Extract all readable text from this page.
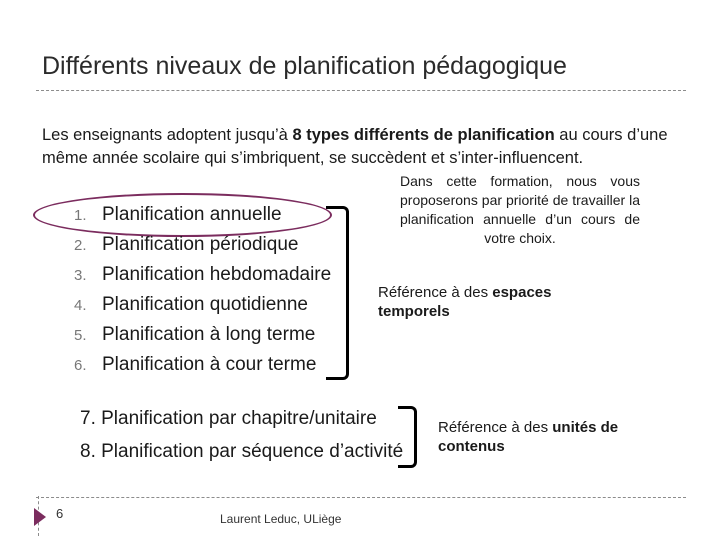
Différents niveaux de planification pédagogique
Les enseignants adoptent jusqu’à 8 types différents de planification au cours d’une même année scolaire qui s’imbriquent, se succèdent et s’inter-influencent.
Dans cette formation, nous vous proposerons par priorité de travailler la planification annuelle d’un cours de votre choix.
1. Planification annuelle
2. Planification périodique
3. Planification hebdomadaire
4. Planification quotidienne
5. Planification à long terme
6. Planification à cour terme
Référence à des espaces temporels
7. Planification par chapitre/unitaire
8. Planification par séquence d’activité
Référence à des unités de contenus
6	Laurent Leduc, ULiège
